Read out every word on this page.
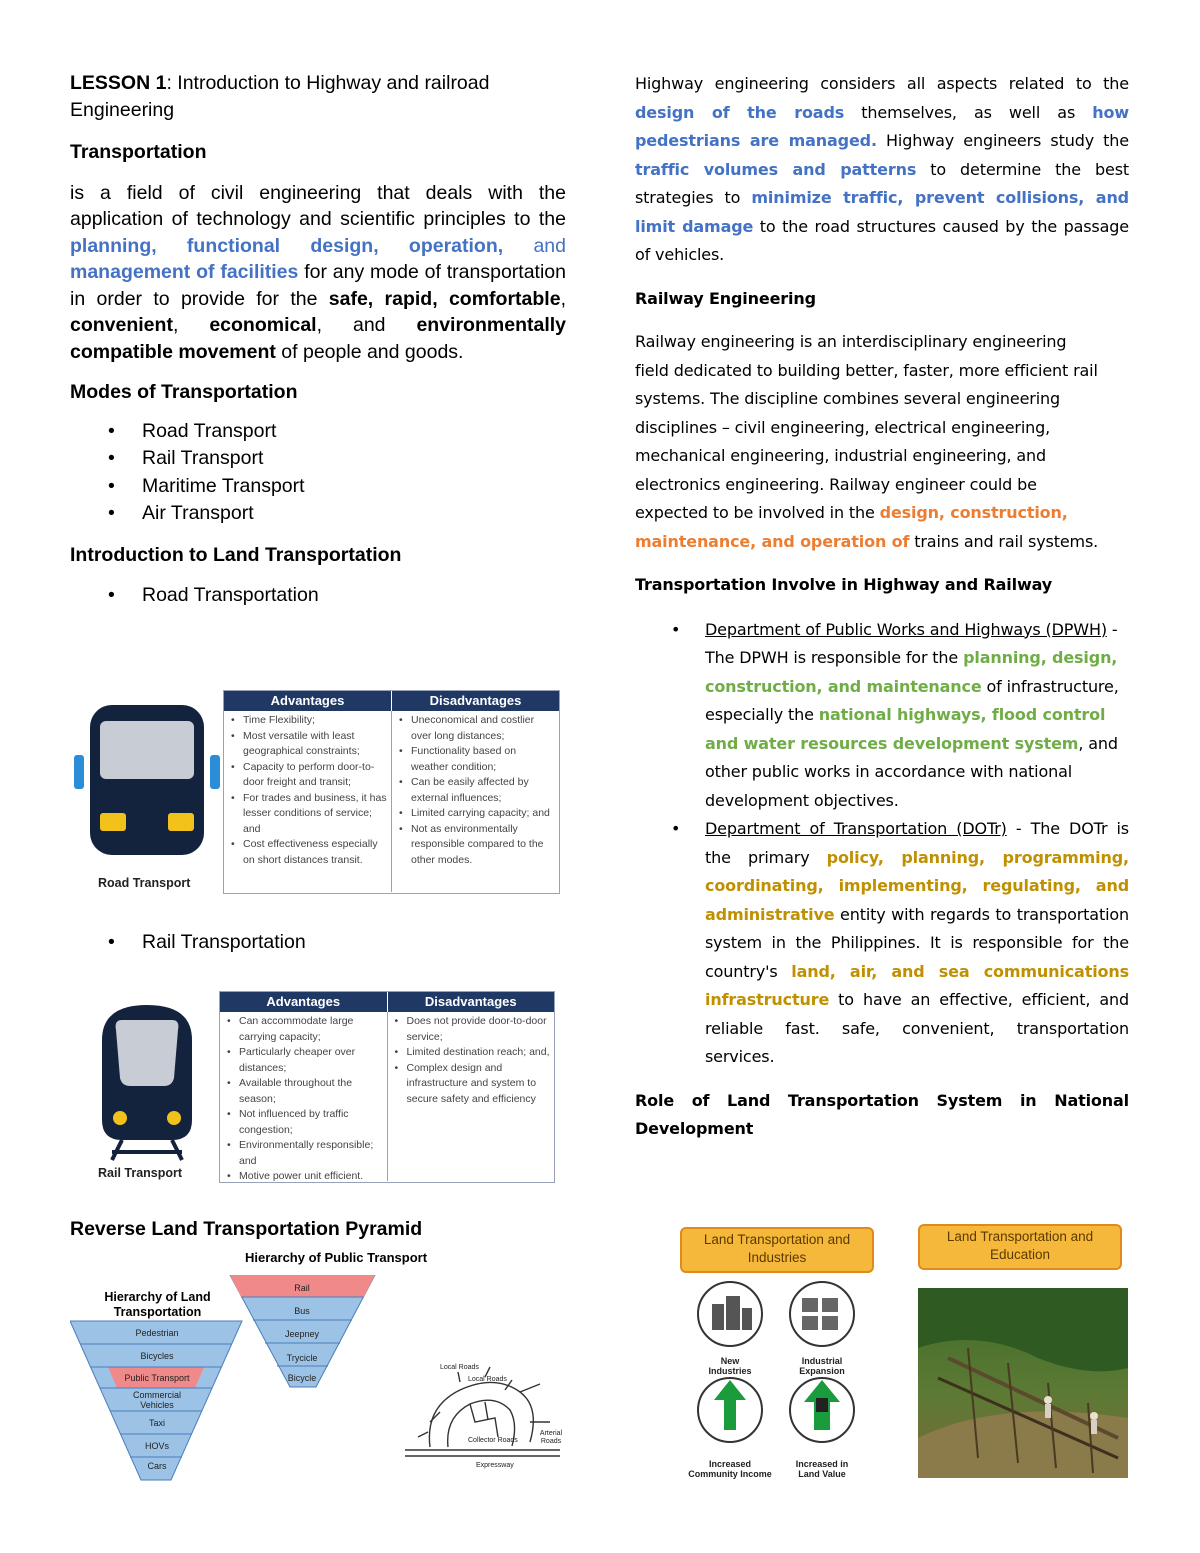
LESSON 1: Introduction to Highway and railroad Engineering

Transportation

is a field of civil engineering that deals with the application of technology and scientific principles to the planning, functional design, operation, and management of facilities for any mode of transportation in order to provide for the safe, rapid, comfortable, convenient, economical, and environmentally compatible movement of people and goods.

Modes of Transportation

• Road Transport
• Rail Transport
• Maritime Transport
• Air Transport

Introduction to Land Transportation

• Road Transportation
Road Transport
Advantages	Disadvantages
• Time Flexibility;
• Most versatile with least geographical constraints;
• Capacity to perform door-to-door freight and transit;
• For trades and business, it has lesser conditions of service; and
• Cost effectiveness especially on short distances transit.
• Uneconomical and costlier over long distances;
• Functionality based on weather condition;
• Can be easily affected by external influences;
• Limited carrying capacity; and
• Not as environmentally responsible compared to the other modes.
• Rail Transportation
Rail Transport
Advantages	Disadvantages
• Can accommodate large carrying capacity;
• Particularly cheaper over distances;
• Available throughout the season;
• Not influenced by traffic congestion;
• Environmentally responsible; and
• Motive power unit efficient.
• Does not provide door-to-door service;
• Limited destination reach; and,
• Complex design and infrastructure and system to secure safety and efficiency
Reverse Land Transportation Pyramid
Hierarchy of Public Transport
Hierarchy of Land Transportation
Pedestrian
Bicycles
Public Transport
Commercial Vehicles
Taxi
HOVs
Cars
Rail
Bus
Jeepney
Trycicle
Bicycle
Local Roads
Local Roads
Collector Roads
Arterial Roads
Expressway

Highway engineering considers all aspects related to the design of the roads themselves, as well as how pedestrians are managed. Highway engineers study the traffic volumes and patterns to determine the best strategies to minimize traffic, prevent collisions, and limit damage to the road structures caused by the passage of vehicles.

Railway Engineering

Railway engineering is an interdisciplinary engineering field dedicated to building better, faster, more efficient rail systems. The discipline combines several engineering disciplines – civil engineering, electrical engineering, mechanical engineering, industrial engineering, and electronics engineering. Railway engineer could be expected to be involved in the design, construction, maintenance, and operation of trains and rail systems.

Transportation Involve in Highway and Railway

• Department of Public Works and Highways (DPWH) - The DPWH is responsible for the planning, design, construction, and maintenance of infrastructure, especially the national highways, flood control and water resources development system, and other public works in accordance with national development objectives.
• Department of Transportation (DOTr) - The DOTr is the primary policy, planning, programming, coordinating, implementing, regulating, and administrative entity with regards to transportation system in the Philippines. It is responsible for the country's land, air, and sea communications infrastructure to have an effective, efficient, and reliable fast. safe, convenient, transportation services.

Role of Land Transportation System in National Development

Land Transportation and Industries
Land Transportation and Education
New Industries
Industrial Expansion
Increased Community Income
Increased in Land Value
